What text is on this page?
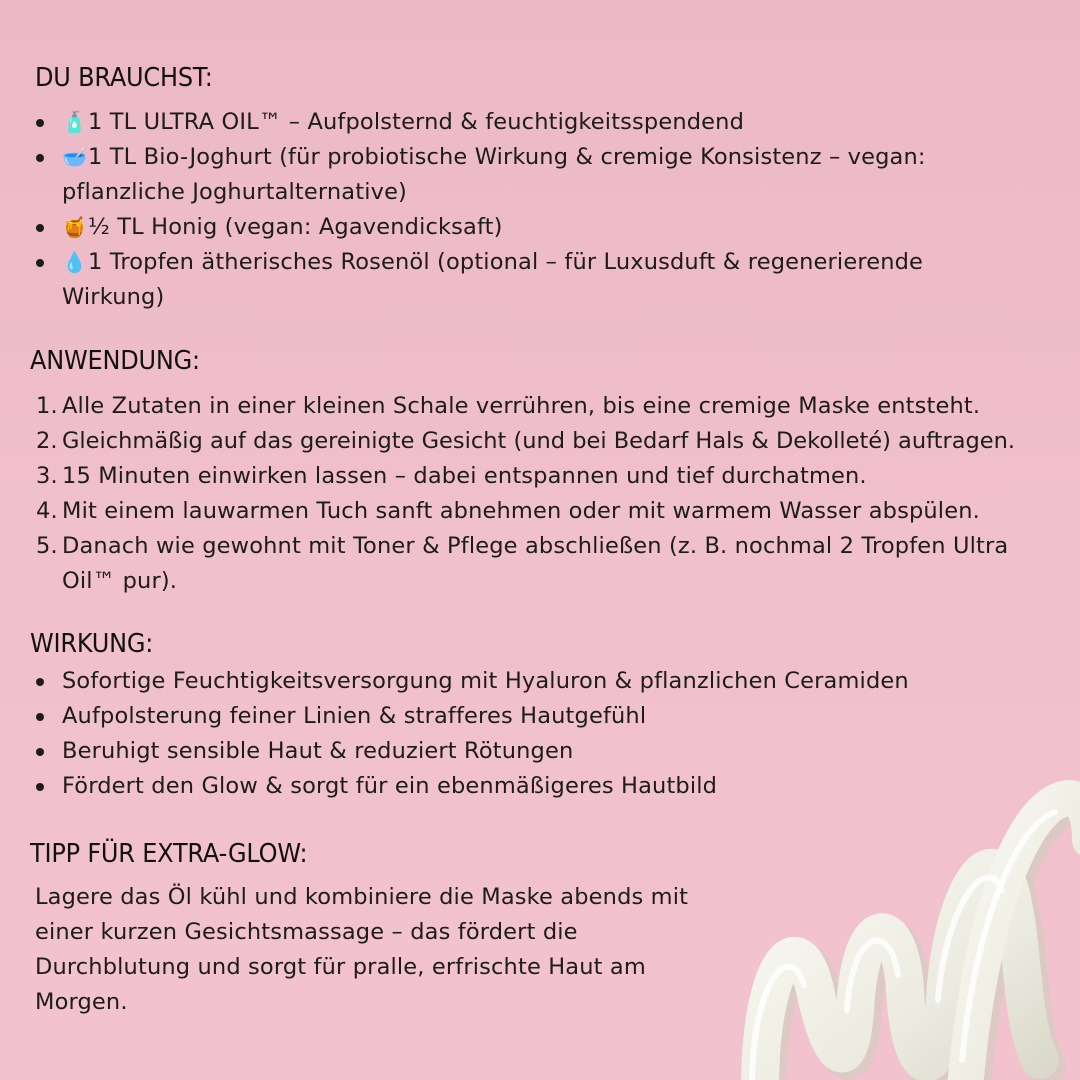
DU BRAUCHST:
🧴1 TL ULTRA OIL™ – Aufpolsternd & feuchtigkeitsspendend
🥣1 TL Bio-Joghurt (für probiotische Wirkung & cremige Konsistenz – vegan: pflanzliche Joghurtalternative)
🍯½ TL Honig (vegan: Agavendicksaft)
💧1 Tropfen ätherisches Rosenöl (optional – für Luxusduft & regenerierende Wirkung)
ANWENDUNG:
1. Alle Zutaten in einer kleinen Schale verrühren, bis eine cremige Maske entsteht.
2. Gleichmäßig auf das gereinigte Gesicht (und bei Bedarf Hals & Dekolleté) auftragen.
3. 15 Minuten einwirken lassen – dabei entspannen und tief durchatmen.
4. Mit einem lauwarmen Tuch sanft abnehmen oder mit warmem Wasser abspülen.
5. Danach wie gewohnt mit Toner & Pflege abschließen (z. B. nochmal 2 Tropfen Ultra Oil™ pur).
WIRKUNG:
Sofortige Feuchtigkeitsversorgung mit Hyaluron & pflanzlichen Ceramiden
Aufpolsterung feiner Linien & strafferes Hautgefühl
Beruhigt sensible Haut & reduziert Rötungen
Fördert den Glow & sorgt für ein ebenmäßigeres Hautbild
TIPP FÜR EXTRA-GLOW:

Lagere das Öl kühl und kombiniere die Maske abends mit einer kurzen Gesichtsmassage – das fördert die Durchblutung und sorgt für pralle, erfrischte Haut am Morgen.
